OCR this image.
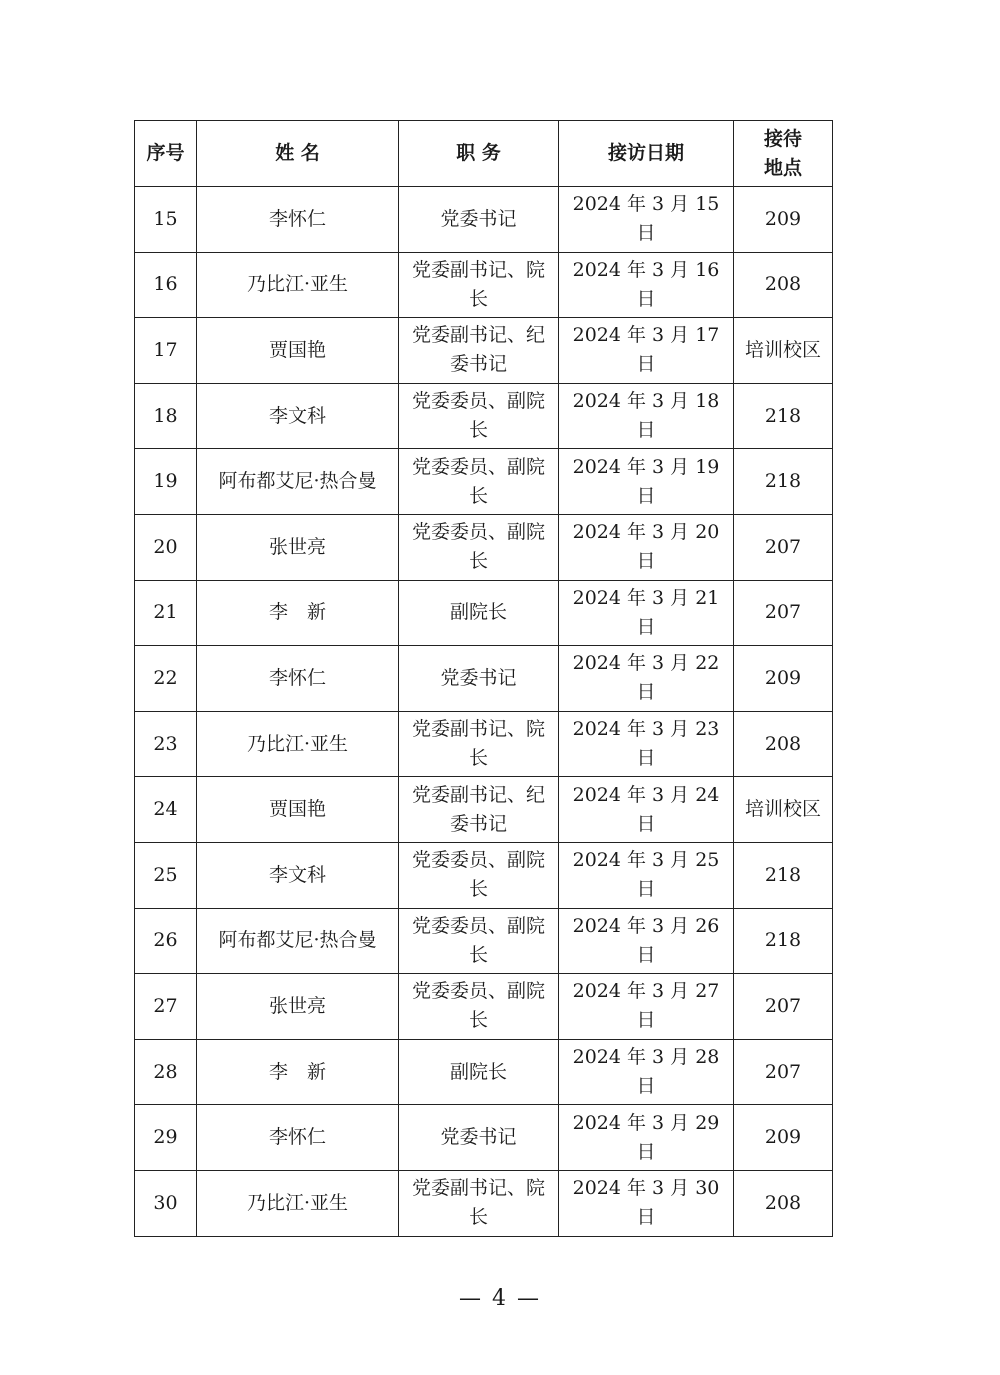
序号	姓 名	职 务	接访日期	接待地点
15	李怀仁	党委书记	2024 年 3 月 15 日	209
16	乃比江·亚生	党委副书记、院长	2024 年 3 月 16 日	208
17	贾国艳	党委副书记、纪委书记	2024 年 3 月 17 日	培训校区
18	李文科	党委委员、副院长	2024 年 3 月 18 日	218
19	阿布都艾尼·热合曼	党委委员、副院长	2024 年 3 月 19 日	218
20	张世亮	党委委员、副院长	2024 年 3 月 20 日	207
21	李　新	副院长	2024 年 3 月 21 日	207
22	李怀仁	党委书记	2024 年 3 月 22 日	209
23	乃比江·亚生	党委副书记、院长	2024 年 3 月 23 日	208
24	贾国艳	党委副书记、纪委书记	2024 年 3 月 24 日	培训校区
25	李文科	党委委员、副院长	2024 年 3 月 25 日	218
26	阿布都艾尼·热合曼	党委委员、副院长	2024 年 3 月 26 日	218
27	张世亮	党委委员、副院长	2024 年 3 月 27 日	207
28	李　新	副院长	2024 年 3 月 28 日	207
29	李怀仁	党委书记	2024 年 3 月 29 日	209
30	乃比江·亚生	党委副书记、院长	2024 年 3 月 30 日	208
— 4 —
